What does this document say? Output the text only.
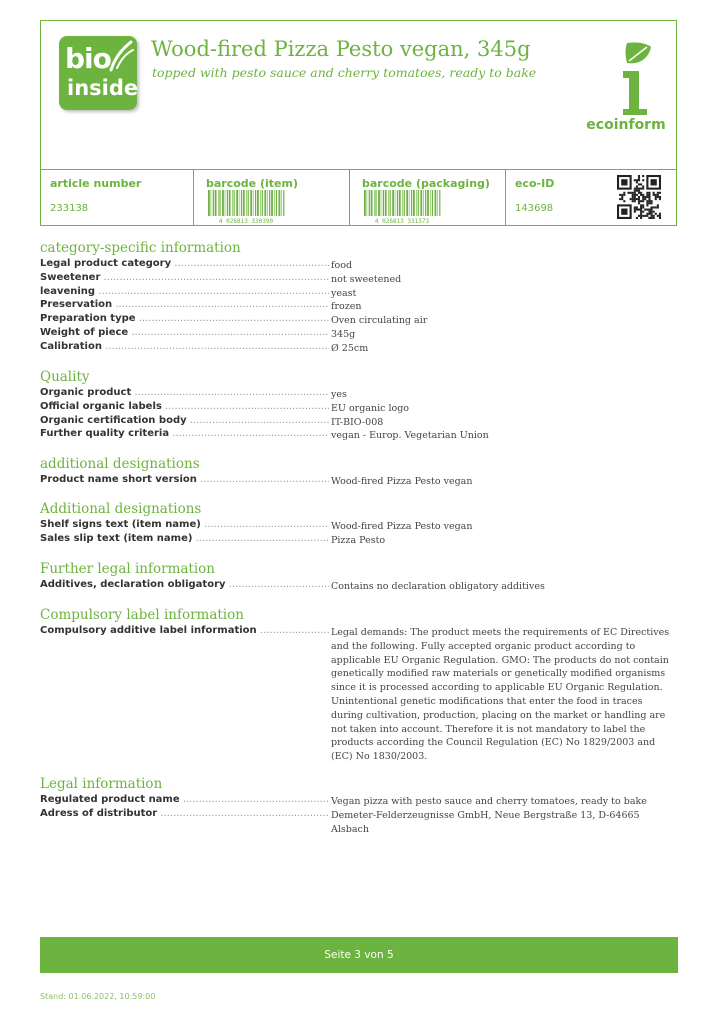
bio
inside
Wood-fired Pizza Pesto vegan, 345g
topped with pesto sauce and cherry tomatoes, ready to bake
ecoinform
article number
233138
barcode (item)
4 026813 330390
barcode (packaging)
4 026813 331373
eco-ID
143698
category-specific information
Legal product category .....	food
Sweetener .....	not sweetened
leavening .....	yeast
Preservation .....	frozen
Preparation type .....	Oven circulating air
Weight of piece .....	345g
Calibration .....	Ø 25cm
Quality
Organic product .....	yes
Official organic labels .....	EU organic logo
Organic certification body .....	IT-BIO-008
Further quality criteria .....	vegan - Europ. Vegetarian Union
additional designations
Product name short version .....	Wood-fired Pizza Pesto vegan
Additional designations
Shelf signs text (item name) .....	Wood-fired Pizza Pesto vegan
Sales slip text (item name) .....	Pizza Pesto
Further legal information
Additives, declaration obligatory .....	Contains no declaration obligatory additives
Compulsory label information
Compulsory additive label information .....	Legal demands: The product meets the requirements of EC Directives and the following. Fully accepted organic product according to applicable EU Organic Regulation. GMO: The products do not contain genetically modified raw materials or genetically modified organisms since it is processed according to applicable EU Organic Regulation. Unintentional genetic modifications that enter the food in traces during cultivation, production, placing on the market or handling are not taken into account. Therefore it is not mandatory to label the products according the Council Regulation (EC) No 1829/2003 and (EC) No 1830/2003.
Legal information
Regulated product name .....	Vegan pizza with pesto sauce and cherry tomatoes, ready to bake
Adress of distributor .....	Demeter-Felderzeugnisse GmbH, Neue Bergstraße 13, D-64665 Alsbach
Seite 3 von 5
Stand: 01.06.2022, 10:59:00
